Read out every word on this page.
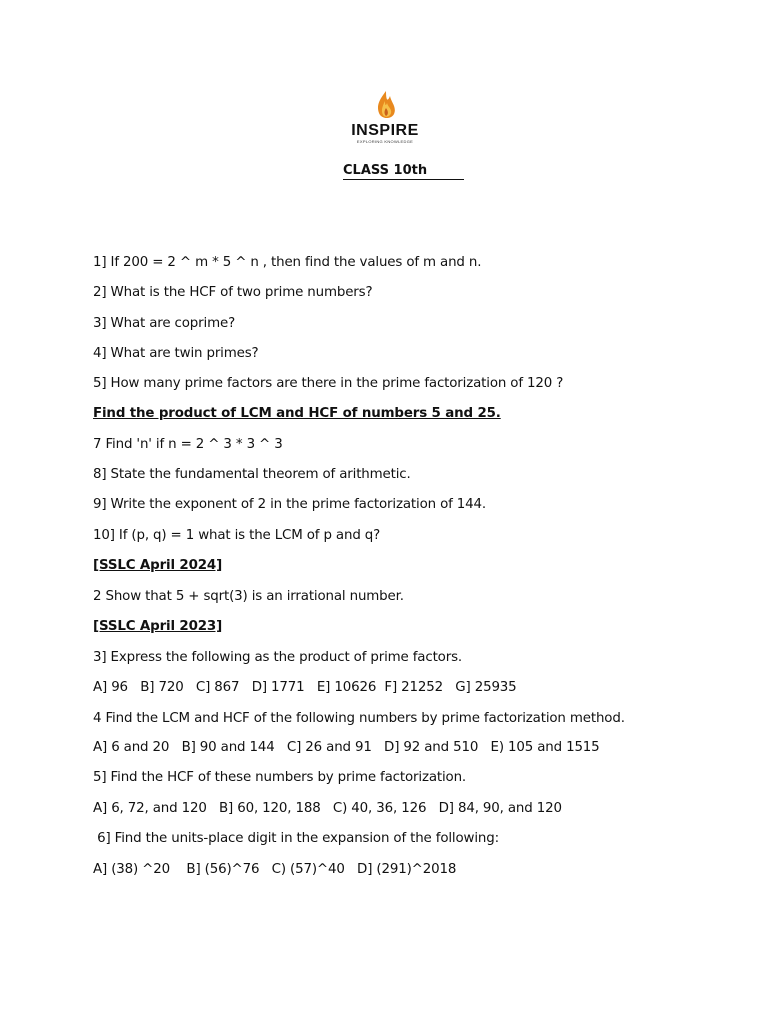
INSPIRE
EXPLORING KNOWLEDGE
CLASS 10th
1] If 200 = 2 ^ m * 5 ^ n , then find the values of m and n.
2] What is the HCF of two prime numbers?
3] What are coprime?
4] What are twin primes?
5] How many prime factors are there in the prime factorization of 120 ?
Find the product of LCM and HCF of numbers 5 and 25.
7 Find 'n' if n = 2 ^ 3 * 3 ^ 3
8] State the fundamental theorem of arithmetic.
9] Write the exponent of 2 in the prime factorization of 144.
10] If (p, q) = 1 what is the LCM of p and q?
[SSLC April 2024]
2 Show that 5 + sqrt(3) is an irrational number.
[SSLC April 2023]
3] Express the following as the product of prime factors.
A] 96   B] 720   C] 867   D] 1771   E] 10626  F] 21252   G] 25935
4 Find the LCM and HCF of the following numbers by prime factorization method.
A] 6 and 20   B] 90 and 144   C] 26 and 91   D] 92 and 510   E) 105 and 1515
5] Find the HCF of these numbers by prime factorization.
A] 6, 72, and 120   B] 60, 120, 188   C) 40, 36, 126   D] 84, 90, and 120
6] Find the units-place digit in the expansion of the following:
A] (38) ^20    B] (56)^76   C) (57)^40   D] (291)^2018
